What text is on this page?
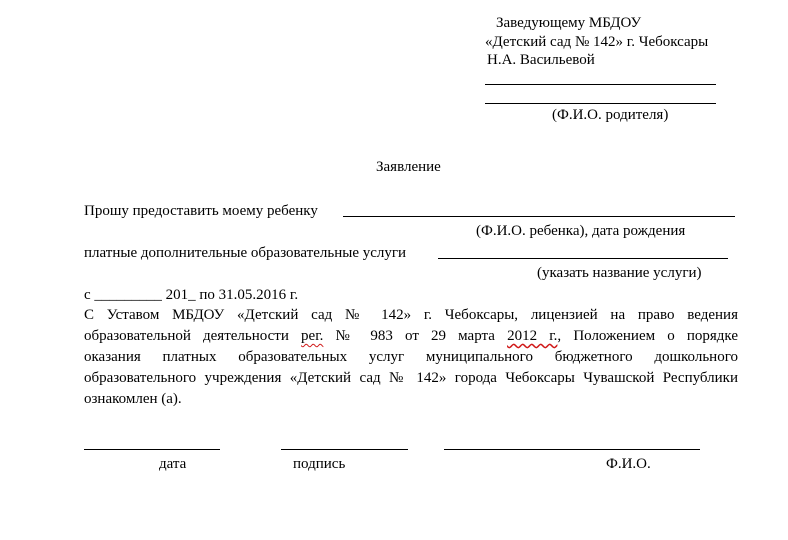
Заведующему МБДОУ
«Детский сад № 142» г. Чебоксары
Н.А. Васильевой
(Ф.И.О. родителя)
Заявление
Прошу предоставить моему ребенку
(Ф.И.О. ребенка), дата рождения
платные дополнительные образовательные услуги
(указать название услуги)
с _________ 201_ по 31.05.2016 г.
С Уставом МБДОУ «Детский сад № 142» г. Чебоксары, лицензией на право ведения
образовательной деятельности рег. № 983 от 29 марта 2012 г., Положением о порядке
оказания платных образовательных услуг муниципального бюджетного дошкольного
образовательного учреждения «Детский сад № 142» города Чебоксары Чувашской Республики
ознакомлен (а).
дата	подпись	Ф.И.О.
